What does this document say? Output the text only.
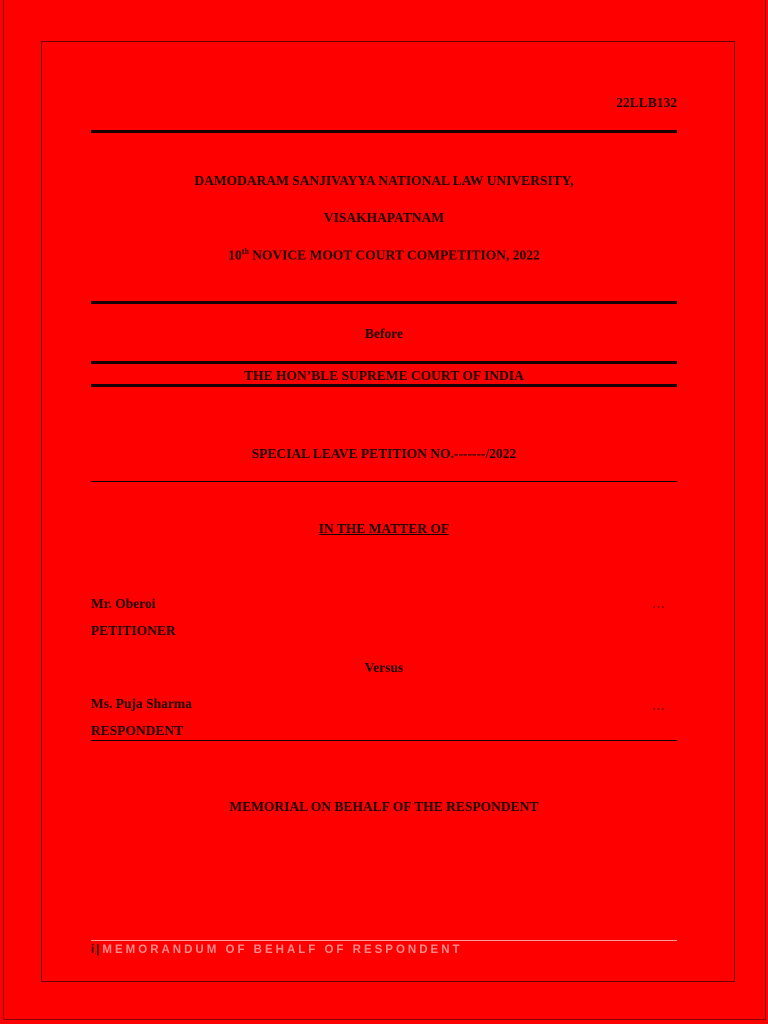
22LLB132
DAMODARAM SANJIVAYYA NATIONAL LAW UNIVERSITY,
VISAKHAPATNAM
10th NOVICE MOOT COURT COMPETITION, 2022
Before
THE HON’BLE SUPREME COURT OF INDIA
SPECIAL LEAVE PETITION NO.-------/2022
IN THE MATTER OF
Mr. Oberoi	…
PETITIONER
Versus
Ms. Puja Sharma	…
RESPONDENT
MEMORIAL ON BEHALF OF THE RESPONDENT
i | MEMORANDUM OF BEHALF OF RESPONDENT
